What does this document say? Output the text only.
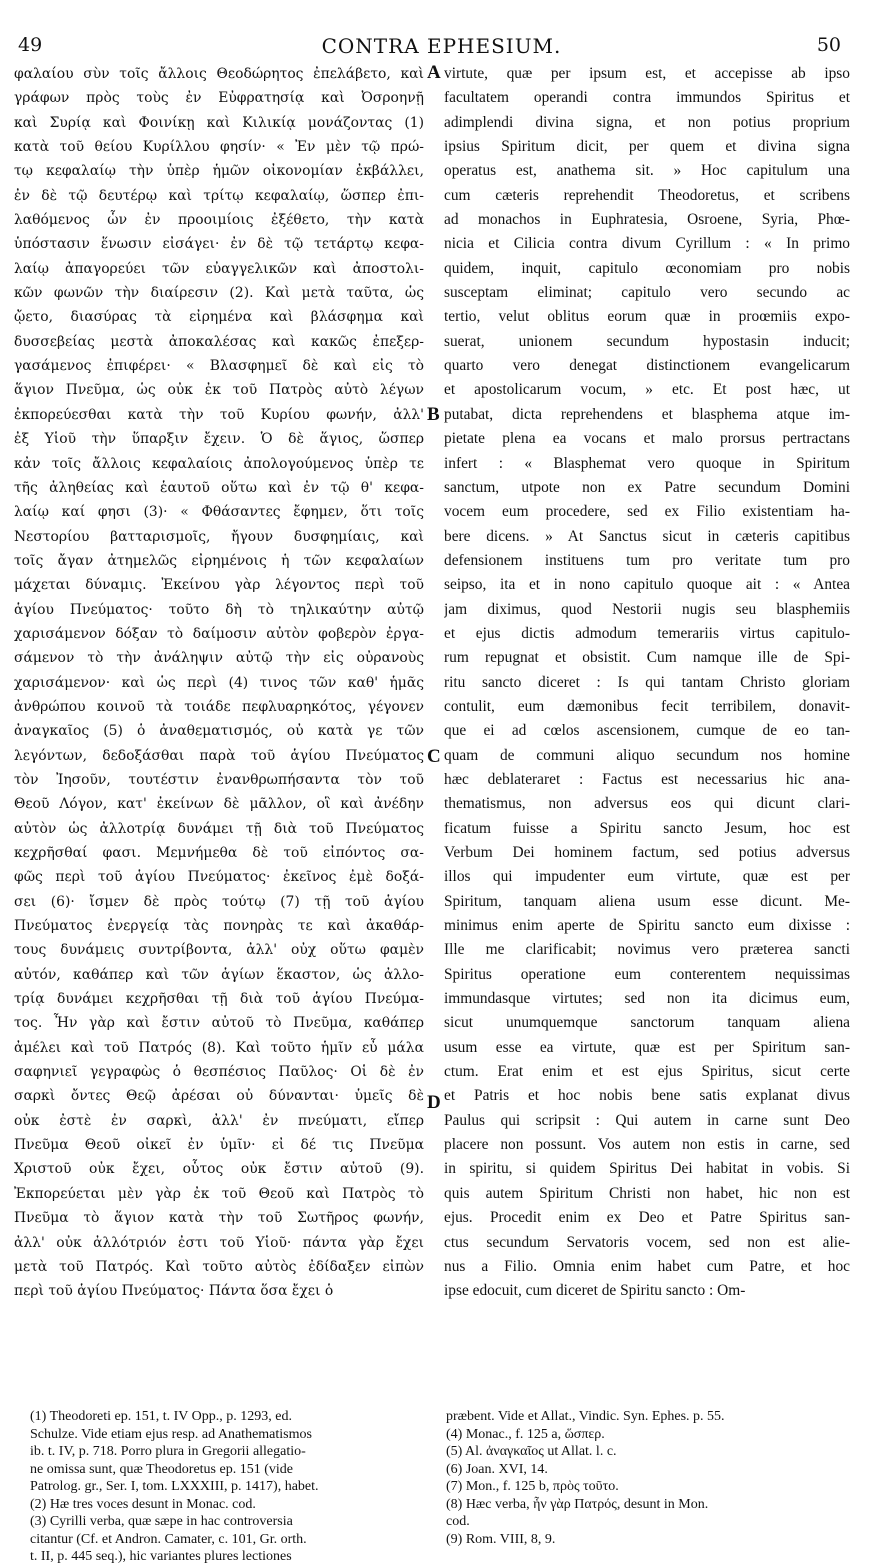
49	CONTRA EPHESIUM.	50
A
B
C
D
φαλαίου σὺν τοῖς ἄλλοις Θεοδώρητος ἐπελάβετο, καὶ
γράφων πρὸς τοὺς ἐν Εὐφρατησίᾳ καὶ Ὀσροηνῇ
καὶ Συρίᾳ καὶ Φοινίκῃ καὶ Κιλικίᾳ μονάζοντας (1)
κατὰ τοῦ θείου Κυρίλλου φησίν· « Ἐν μὲν τῷ πρώ-
τῳ κεφαλαίῳ τὴν ὑπὲρ ἡμῶν οἰκονομίαν ἐκβάλλει,
ἐν δὲ τῷ δευτέρῳ καὶ τρίτῳ κεφαλαίῳ, ὥσπερ ἐπι-
λαθόμενος ὧν ἐν προοιμίοις ἐξέθετο, τὴν κατὰ
ὑπόστασιν ἕνωσιν εἰσάγει· ἐν δὲ τῷ τετάρτῳ κεφα-
λαίῳ ἀπαγορεύει τῶν εὐαγγελικῶν καὶ ἀποστολι-
κῶν φωνῶν τὴν διαίρεσιν (2). Καὶ μετὰ ταῦτα, ὡς
ᾤετο, διασύρας τὰ εἰρημένα καὶ βλάσφημα καὶ
δυσσεβείας μεστὰ ἀποκαλέσας καὶ κακῶς ἐπεξερ-
γασάμενος ἐπιφέρει· « Βλασφημεῖ δὲ καὶ εἰς τὸ
ἅγιον Πνεῦμα, ὡς οὐκ ἐκ τοῦ Πατρὸς αὐτὸ λέγων
ἐκπορεύεσθαι κατὰ τὴν τοῦ Κυρίου φωνήν, ἀλλ'
ἐξ Υἱοῦ τὴν ὕπαρξιν ἔχειν. Ὁ δὲ ἅγιος, ὥσπερ
κἀν τοῖς ἄλλοις κεφαλαίοις ἀπολογούμενος ὑπὲρ τε
τῆς ἀληθείας καὶ ἑαυτοῦ οὕτω καὶ ἐν τῷ θ' κεφα-
λαίῳ καί φησι (3)· « Φθάσαντες ἔφημεν, ὅτι τοῖς
Νεστορίου βατταρισμοῖς, ἤγουν δυσφημίαις, καὶ
τοῖς ἄγαν ἀτημελῶς εἰρημένοις ἡ τῶν κεφαλαίων
μάχεται δύναμις. Ἐκείνου γὰρ λέγοντος περὶ τοῦ
ἁγίου Πνεύματος· τοῦτο δὴ τὸ τηλικαύτην αὐτῷ
χαρισάμενον δόξαν τὸ δαίμοσιν αὐτὸν φοβερὸν ἐργα-
σάμενον τὸ τὴν ἀνάληψιν αὐτῷ τὴν εἰς οὐρανοὺς
χαρισάμενον· καὶ ὡς περὶ (4) τινος τῶν καθ' ἡμᾶς
ἀνθρώπου κοινοῦ τὰ τοιάδε πεφλυαρηκότος, γέγονεν
ἀναγκαῖος (5) ὁ ἀναθεματισμός, οὐ κατὰ γε τῶν
λεγόντων, δεδοξάσθαι παρὰ τοῦ ἁγίου Πνεύματος
τὸν Ἰησοῦν, τουτέστιν ἐνανθρωπήσαντα τὸν τοῦ
Θεοῦ Λόγον, κατ' ἐκείνων δὲ μᾶλλον, οἳ καὶ ἀνέδην
αὐτὸν ὡς ἀλλοτρίᾳ δυνάμει τῇ διὰ τοῦ Πνεύματος
κεχρῆσθαί φασι. Μεμνήμεθα δὲ τοῦ εἰπόντος σα-
φῶς περὶ τοῦ ἁγίου Πνεύματος· ἐκεῖνος ἐμὲ δοξά-
σει (6)· ἴσμεν δὲ πρὸς τούτῳ (7) τῇ τοῦ ἁγίου
Πνεύματος ἐνεργείᾳ τὰς πονηρὰς τε καὶ ἀκαθάρ-
τους δυνάμεις συντρίβοντα, ἀλλ' οὐχ οὕτω φαμὲν
αὐτόν, καθάπερ καὶ τῶν ἁγίων ἕκαστον, ὡς ἀλλο-
τρίᾳ δυνάμει κεχρῆσθαι τῇ διὰ τοῦ ἁγίου Πνεύμα-
τος. Ἦν γὰρ καὶ ἔστιν αὐτοῦ τὸ Πνεῦμα, καθάπερ
ἀμέλει καὶ τοῦ Πατρός (8). Καὶ τοῦτο ἡμῖν εὖ μάλα
σαφηνιεῖ γεγραφὼς ὁ θεσπέσιος Παῦλος· Οἱ δὲ ἐν
σαρκὶ ὄντες Θεῷ ἀρέσαι οὐ δύνανται· ὑμεῖς δὲ
οὐκ ἐστὲ ἐν σαρκὶ, ἀλλ' ἐν πνεύματι, εἴπερ
Πνεῦμα Θεοῦ οἰκεῖ ἐν ὑμῖν· εἰ δέ τις Πνεῦμα
Χριστοῦ οὐκ ἔχει, οὗτος οὐκ ἔστιν αὐτοῦ (9).
Ἐκπορεύεται μὲν γὰρ ἐκ τοῦ Θεοῦ καὶ Πατρὸς τὸ
Πνεῦμα τὸ ἅγιον κατὰ τὴν τοῦ Σωτῆρος φωνήν,
ἀλλ' οὐκ ἀλλότριόν ἐστι τοῦ Υἱοῦ· πάντα γὰρ ἔχει
μετὰ τοῦ Πατρός. Καὶ τοῦτο αὐτὸς ἐδίδαξεν εἰπὼν
περὶ τοῦ ἁγίου Πνεύματος· Πάντα ὅσα ἔχει ὁ
virtute, quæ per ipsum est, et accepisse ab ipso
facultatem operandi contra immundos Spiritus et
adimplendi divina signa, et non potius proprium
ipsius Spiritum dicit, per quem et divina signa
operatus est, anathema sit. » Hoc capitulum una
cum cæteris reprehendit Theodoretus, et scribens
ad monachos in Euphratesia, Osroene, Syria, Phœ-
nicia et Cilicia contra divum Cyrillum : « In primo
quidem, inquit, capitulo œconomiam pro nobis
susceptam eliminat; capitulo vero secundo ac
tertio, velut oblitus eorum quæ in proœmiis expo-
suerat, unionem secundum hypostasin inducit;
quarto vero denegat distinctionem evangelicarum
et apostolicarum vocum, » etc. Et post hæc, ut
putabat, dicta reprehendens et blasphema atque im-
pietate plena ea vocans et malo prorsus pertractans
infert : « Blasphemat vero quoque in Spiritum
sanctum, utpote non ex Patre secundum Domini
vocem eum procedere, sed ex Filio existentiam ha-
bere dicens. » At Sanctus sicut in cæteris capitibus
defensionem instituens tum pro veritate tum pro
seipso, ita et in nono capitulo quoque ait : « Antea
jam diximus, quod Nestorii nugis seu blasphemiis
et ejus dictis admodum temerariis virtus capitulo-
rum repugnat et obsistit. Cum namque ille de Spi-
ritu sancto diceret : Is qui tantam Christo gloriam
contulit, eum dæmonibus fecit terribilem, donavit-
que ei ad cœlos ascensionem, cumque de eo tan-
quam de communi aliquo secundum nos homine
hæc deblateraret : Factus est necessarius hic ana-
thematismus, non adversus eos qui dicunt clari-
ficatum fuisse a Spiritu sancto Jesum, hoc est
Verbum Dei hominem factum, sed potius adversus
illos qui impudenter eum virtute, quæ est per
Spiritum, tanquam aliena usum esse dicunt. Me-
minimus enim aperte de Spiritu sancto eum dixisse :
Ille me clarificabit; novimus vero præterea sancti
Spiritus operatione eum conterentem nequissimas
immundasque virtutes; sed non ita dicimus eum,
sicut unumquemque sanctorum tanquam aliena
usum esse ea virtute, quæ est per Spiritum san-
ctum. Erat enim et est ejus Spiritus, sicut certe
et Patris et hoc nobis bene satis explanat divus
Paulus qui scripsit : Qui autem in carne sunt Deo
placere non possunt. Vos autem non estis in carne, sed
in spiritu, si quidem Spiritus Dei habitat in vobis. Si
quis autem Spiritum Christi non habet, hic non est
ejus. Procedit enim ex Deo et Patre Spiritus san-
ctus secundum Servatoris vocem, sed non est alie-
nus a Filio. Omnia enim habet cum Patre, et hoc
ipse edocuit, cum diceret de Spiritu sancto : Om-
(1) Theodoreti ep. 151, t. IV Opp., p. 1293, ed.
Schulze. Vide etiam ejus resp. ad Anathematismos
ib. t. IV, p. 718. Porro plura in Gregorii allegatio-
ne omissa sunt, quæ Theodoretus ep. 151 (vide
Patrolog. gr., Ser. I, tom. LXXXIII, p. 1417), habet.
(2) Hæ tres voces desunt in Monac. cod.
(3) Cyrilli verba, quæ sæpe in hac controversia
citantur (Cf. et Andron. Camater, c. 101, Gr. orth.
t. II, p. 445 seq.), hic variantes plures lectiones
præbent. Vide et Allat., Vindic. Syn. Ephes. p. 55.
(4) Monac., f. 125 a, ὥσπερ.
(5) Al. ἀναγκαῖος ut Allat. l. c.
(6) Joan. XVI, 14.
(7) Mon., f. 125 b, πρὸς τοῦτο.
(8) Hæc verba, ἦν γὰρ Πατρός, desunt in Mon.
cod.
(9) Rom. VIII, 8, 9.
